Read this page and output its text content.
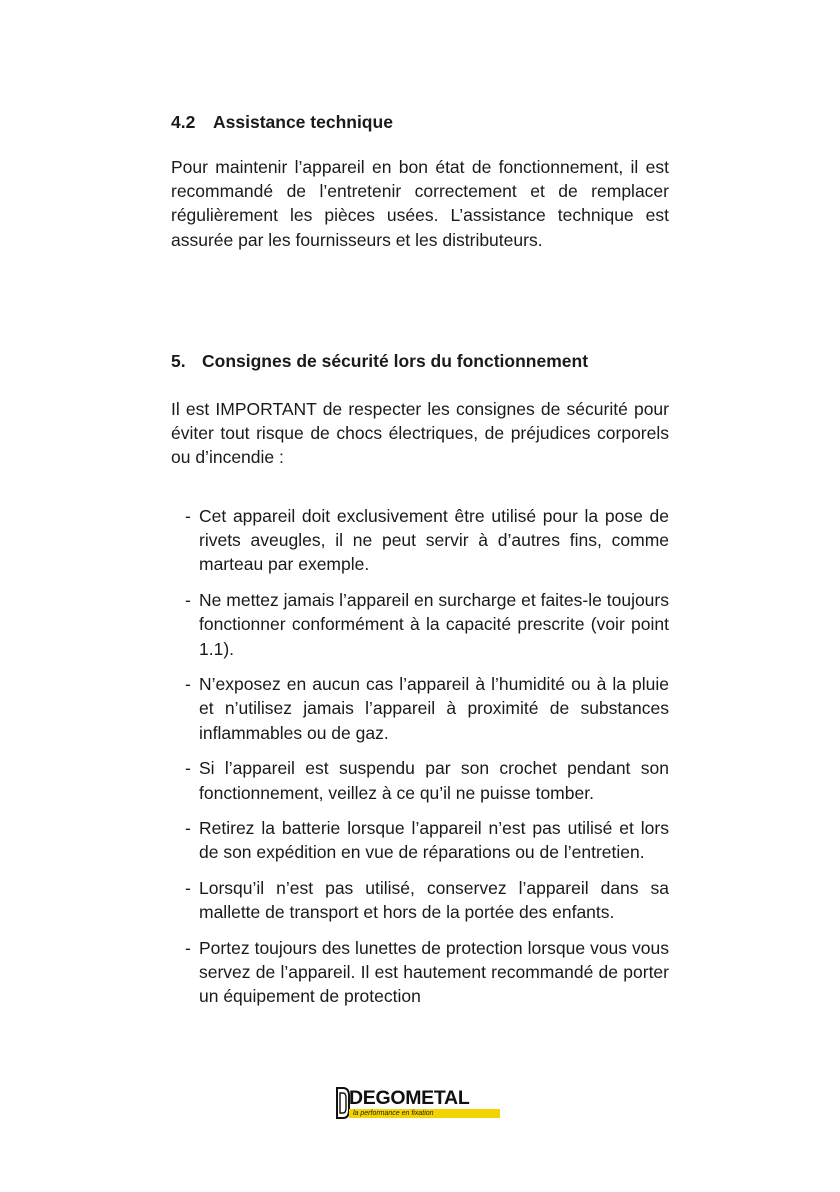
4.2 Assistance technique

Pour maintenir l’appareil en bon état de fonctionnement, il est recommandé de l’entretenir correctement et de remplacer régulièrement les pièces usées. L’assistance technique est assurée par les fournisseurs et les distributeurs.

5. Consignes de sécurité lors du fonctionnement

Il est IMPORTANT de respecter les consignes de sécurité pour éviter tout risque de chocs électriques, de préjudices corporels ou d’incendie :

- Cet appareil doit exclusivement être utilisé pour la pose de rivets aveugles, il ne peut servir à d’autres fins, comme marteau par exemple.
- Ne mettez jamais l’appareil en surcharge et faites-le toujours fonctionner conformément à la capacité prescrite (voir point 1.1).
- N’exposez en aucun cas l’appareil à l’humidité ou à la pluie et n’utilisez jamais l’appareil à proximité de substances inflammables ou de gaz.
- Si l’appareil est suspendu par son crochet pendant son fonctionnement, veillez à ce qu’il ne puisse tomber.
- Retirez la batterie lorsque l’appareil n’est pas utilisé et lors de son expédition en vue de réparations ou de l’entretien.
- Lorsqu’il n’est pas utilisé, conservez l’appareil dans sa mallette de transport et hors de la portée des enfants.
- Portez toujours des lunettes de protection lorsque vous vous servez de l’appareil. Il est hautement recommandé de porter un équipement de protection
DEGOMETAL
la performance en fixation
